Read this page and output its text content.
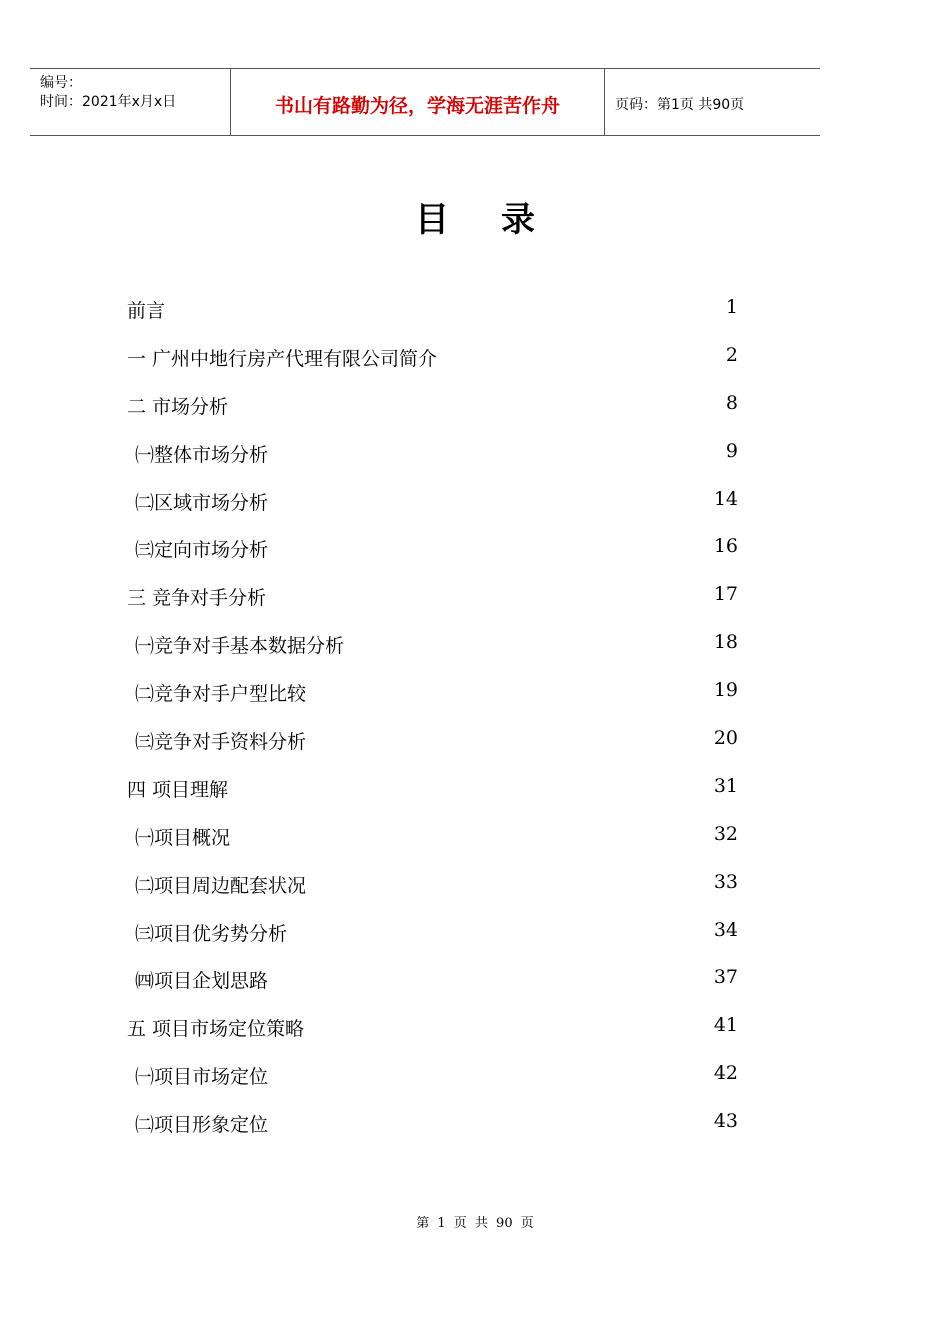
编号：
时间：2021年x月x日	书山有路勤为径，学海无涯苦作舟	页码：第1页 共90页
目录
前言	1
一 广州中地行房产代理有限公司简介	2
二 市场分析	8
㈠整体市场分析	9
㈡区域市场分析	14
㈢定向市场分析	16
三 竞争对手分析	17
㈠竞争对手基本数据分析	18
㈡竞争对手户型比较	19
㈢竞争对手资料分析	20
四 项目理解	31
㈠项目概况	32
㈡项目周边配套状况	33
㈢项目优劣势分析	34
㈣项目企划思路	37
五 项目市场定位策略	41
㈠项目市场定位	42
㈡项目形象定位	43
第 1 页 共 90 页
